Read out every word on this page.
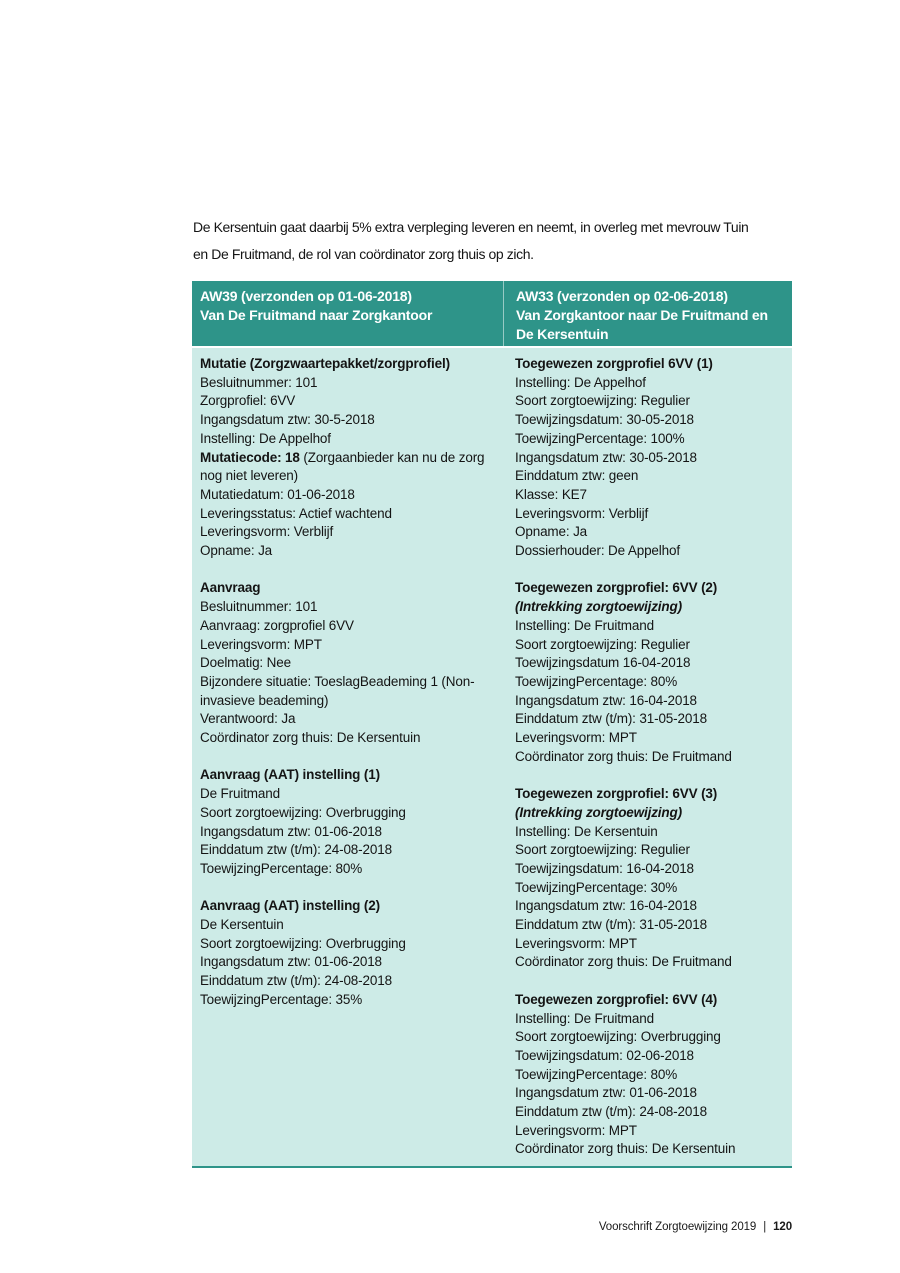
De Kersentuin gaat daarbij 5% extra verpleging leveren en neemt, in overleg met mevrouw Tuin
en De Fruitmand, de rol van coördinator zorg thuis op zich.
AW39 (verzonden op 01-06-2018)
Van De Fruitmand naar Zorgkantoor
AW33 (verzonden op 02-06-2018)
Van Zorgkantoor naar De Fruitmand en
De Kersentuin
Mutatie (Zorgzwaartepakket/zorgprofiel)
Besluitnummer: 101
Zorgprofiel: 6VV
Ingangsdatum ztw: 30-5-2018
Instelling: De Appelhof
Mutatiecode: 18 (Zorgaanbieder kan nu de zorg nog niet leveren)
Mutatiedatum: 01-06-2018
Leveringsstatus: Actief wachtend
Leveringsvorm: Verblijf
Opname: Ja
Aanvraag
Besluitnummer: 101
Aanvraag: zorgprofiel 6VV
Leveringsvorm: MPT
Doelmatig: Nee
Bijzondere situatie: ToeslagBeademing 1 (Non-invasieve beademing)
Verantwoord: Ja
Coördinator zorg thuis: De Kersentuin
Aanvraag (AAT) instelling (1)
De Fruitmand
Soort zorgtoewijzing: Overbrugging
Ingangsdatum ztw: 01-06-2018
Einddatum ztw (t/m): 24-08-2018
ToewijzingPercentage: 80%
Aanvraag (AAT) instelling (2)
De Kersentuin
Soort zorgtoewijzing: Overbrugging
Ingangsdatum ztw: 01-06-2018
Einddatum ztw (t/m): 24-08-2018
ToewijzingPercentage: 35%
Toegewezen zorgprofiel 6VV (1)
Instelling: De Appelhof
Soort zorgtoewijzing: Regulier
Toewijzingsdatum: 30-05-2018
ToewijzingPercentage: 100%
Ingangsdatum ztw: 30-05-2018
Einddatum ztw: geen
Klasse: KE7
Leveringsvorm: Verblijf
Opname: Ja
Dossierhouder: De Appelhof
Toegewezen zorgprofiel: 6VV (2)
(Intrekking zorgtoewijzing)
Instelling: De Fruitmand
Soort zorgtoewijzing: Regulier
Toewijzingsdatum 16-04-2018
ToewijzingPercentage: 80%
Ingangsdatum ztw: 16-04-2018
Einddatum ztw (t/m): 31-05-2018
Leveringsvorm: MPT
Coördinator zorg thuis: De Fruitmand
Toegewezen zorgprofiel: 6VV (3)
(Intrekking zorgtoewijzing)
Instelling: De Kersentuin
Soort zorgtoewijzing: Regulier
Toewijzingsdatum: 16-04-2018
ToewijzingPercentage: 30%
Ingangsdatum ztw: 16-04-2018
Einddatum ztw (t/m): 31-05-2018
Leveringsvorm: MPT
Coördinator zorg thuis: De Fruitmand
Toegewezen zorgprofiel: 6VV (4)
Instelling: De Fruitmand
Soort zorgtoewijzing: Overbrugging
Toewijzingsdatum: 02-06-2018
ToewijzingPercentage: 80%
Ingangsdatum ztw: 01-06-2018
Einddatum ztw (t/m): 24-08-2018
Leveringsvorm: MPT
Coördinator zorg thuis: De Kersentuin
Voorschrift Zorgtoewijzing 2019 | 120
